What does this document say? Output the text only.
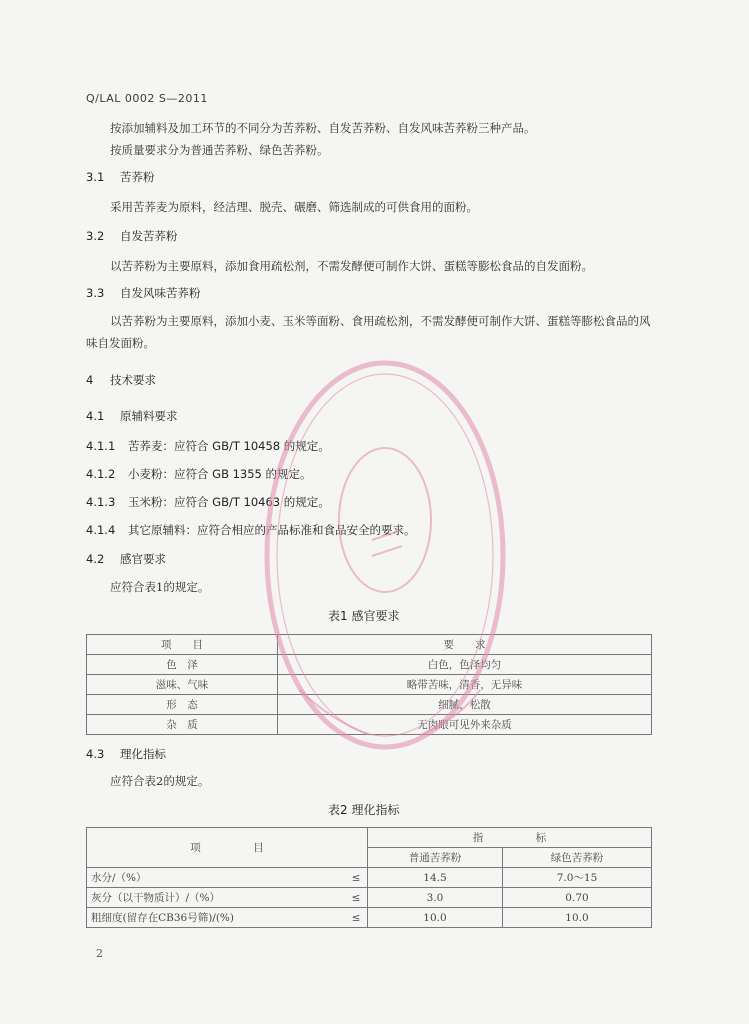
Q/LAL 0002 S—2011
按添加辅料及加工环节的不同分为苦荞粉、自发苦荞粉、自发风味苦荞粉三种产品。
按质量要求分为普通苦荞粉、绿色苦荞粉。
3.1 苦荞粉
采用苦荞麦为原料，经洁理、脱壳、碾磨、筛选制成的可供食用的面粉。
3.2 自发苦荞粉
以苦荞粉为主要原料，添加食用疏松剂，不需发酵便可制作大饼、蛋糕等膨松食品的自发面粉。
3.3 自发风味苦荞粉
以苦荞粉为主要原料，添加小麦、玉米等面粉、食用疏松剂，不需发酵便可制作大饼、蛋糕等膨松食品的风味自发面粉。
4 技术要求
4.1 原辅料要求
4.1.1 苦荞麦：应符合 GB/T 10458 的规定。
4.1.2 小麦粉：应符合 GB 1355 的规定。
4.1.3 玉米粉：应符合 GB/T 10463 的规定。
4.1.4 其它原辅料：应符合相应的产品标准和食品安全的要求。
4.2 感官要求
应符合表1的规定。
表1 感官要求
项　　目	要　　求
色　泽	白色，色泽均匀
滋味、气味	略带苦味，清香，无异味
形　态	细腻，松散
杂　质	无肉眼可见外来杂质
4.3 理化指标
应符合表2的规定。
表2 理化指标
项　　　　　目		指　　　　　标	
		普通苦荞粉	绿色苦荞粉
水分/（%）	≤	14.5	7.0～15
灰分（以干物质计）/（%）	≤	3.0	0.70
粗细度(留存在CB36号筛)/(%)	≤	10.0	10.0
2
